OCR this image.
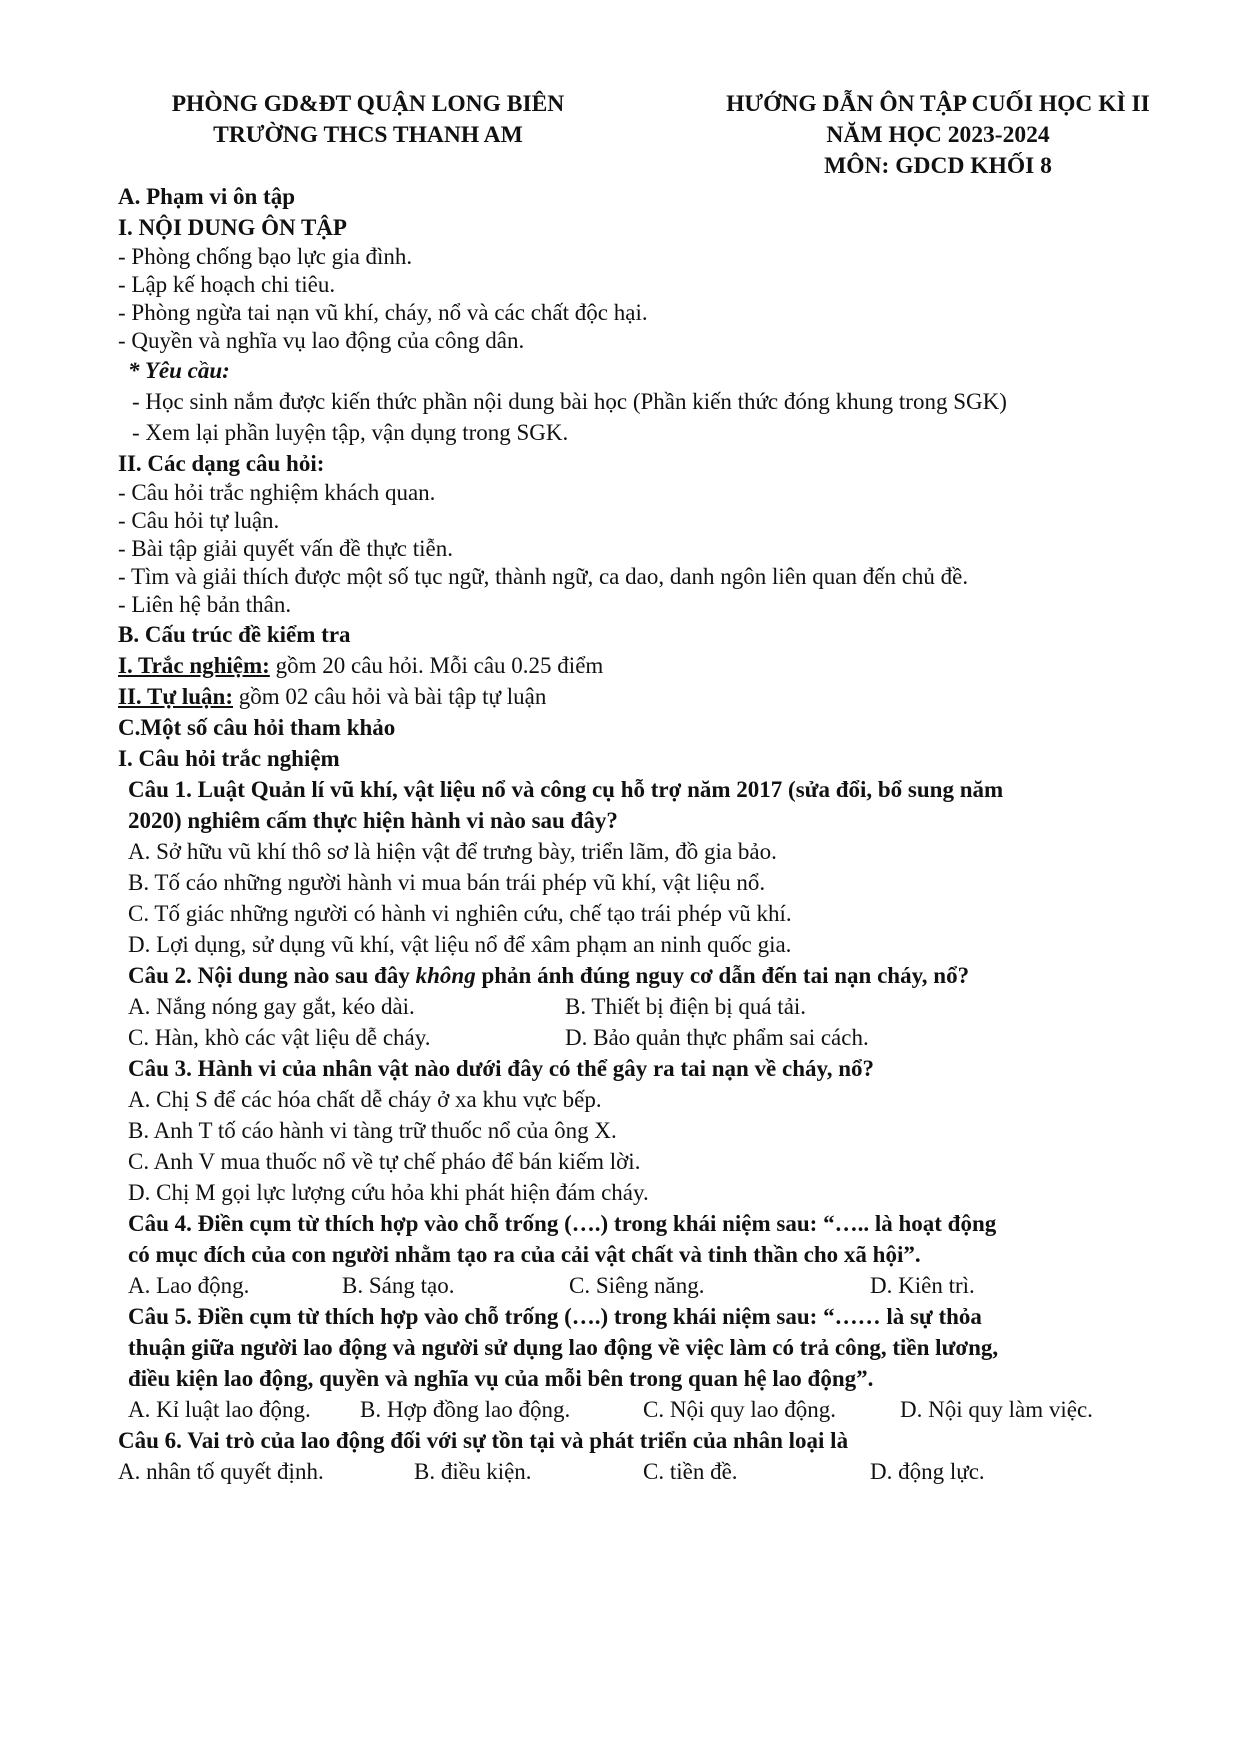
PHÒNG GD&ĐT QUẬN LONG BIÊN
TRƯỜNG THCS THANH AM
HƯỚNG DẪN ÔN TẬP CUỐI HỌC KÌ II
NĂM HỌC 2023-2024
MÔN: GDCD KHỐI 8
A. Phạm vi ôn tập
I. NỘI DUNG ÔN TẬP
- Phòng chống bạo lực gia đình.
- Lập kế hoạch chi tiêu.
- Phòng ngừa tai nạn vũ khí, cháy, nổ và các chất độc hại.
- Quyền và nghĩa vụ lao động của công dân.
* Yêu cầu:
- Học sinh nắm được kiến thức phần nội dung bài học (Phần kiến thức đóng khung trong SGK)
- Xem lại phần luyện tập, vận dụng trong SGK.
II. Các dạng câu hỏi:
- Câu hỏi trắc nghiệm khách quan.
- Câu hỏi tự luận.
- Bài tập giải quyết vấn đề thực tiễn.
- Tìm và giải thích được một số tục ngữ, thành ngữ, ca dao, danh ngôn liên quan đến chủ đề.
- Liên hệ bản thân.
B. Cấu trúc đề kiểm tra
I. Trắc nghiệm: gồm 20 câu hỏi. Mỗi câu 0.25 điểm
II. Tự luận: gồm 02 câu hỏi và bài tập tự luận
C.Một số câu hỏi tham khảo
I. Câu hỏi trắc nghiệm
Câu 1. Luật Quản lí vũ khí, vật liệu nổ và công cụ hỗ trợ năm 2017 (sửa đổi, bổ sung năm
2020) nghiêm cấm thực hiện hành vi nào sau đây?
A. Sở hữu vũ khí thô sơ là hiện vật để trưng bày, triển lãm, đồ gia bảo.
B. Tố cáo những người hành vi mua bán trái phép vũ khí, vật liệu nổ.
C. Tố giác những người có hành vi nghiên cứu, chế tạo trái phép vũ khí.
D. Lợi dụng, sử dụng vũ khí, vật liệu nổ để xâm phạm an ninh quốc gia.
Câu 2. Nội dung nào sau đây không phản ánh đúng nguy cơ dẫn đến tai nạn cháy, nổ?
A. Nắng nóng gay gắt, kéo dài.	B. Thiết bị điện bị quá tải.
C. Hàn, khò các vật liệu dễ cháy.	D. Bảo quản thực phẩm sai cách.
Câu 3. Hành vi của nhân vật nào dưới đây có thể gây ra tai nạn về cháy, nổ?
A. Chị S để các hóa chất dễ cháy ở xa khu vực bếp.
B. Anh T tố cáo hành vi tàng trữ thuốc nổ của ông X.
C. Anh V mua thuốc nổ về tự chế pháo để bán kiếm lời.
D. Chị M gọi lực lượng cứu hỏa khi phát hiện đám cháy.
Câu 4. Điền cụm từ thích hợp vào chỗ trống (….) trong khái niệm sau: “….. là hoạt động
có mục đích của con người nhằm tạo ra của cải vật chất và tinh thần cho xã hội”.
A. Lao động.	B. Sáng tạo.	C. Siêng năng.	D. Kiên trì.
Câu 5. Điền cụm từ thích hợp vào chỗ trống (….) trong khái niệm sau: “…… là sự thỏa
thuận giữa người lao động và người sử dụng lao động về việc làm có trả công, tiền lương,
điều kiện lao động, quyền và nghĩa vụ của mỗi bên trong quan hệ lao động”.
A. Kỉ luật lao động. B. Hợp đồng lao động.	C. Nội quy lao động.	D. Nội quy làm việc.
Câu 6. Vai trò của lao động đối với sự tồn tại và phát triển của nhân loại là
A. nhân tố quyết định.	B. điều kiện.	C. tiền đề.	D. động lực.
